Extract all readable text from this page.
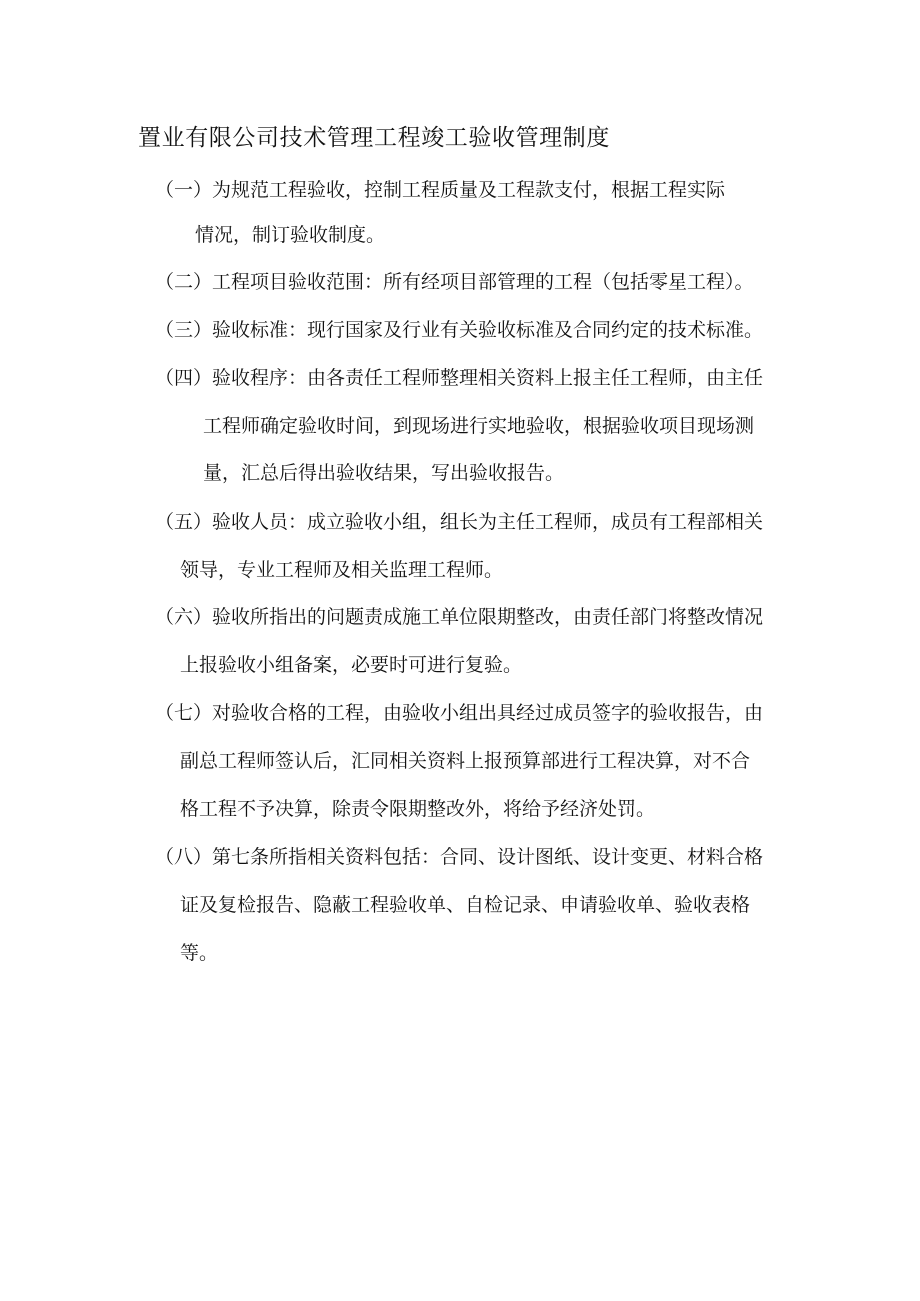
置业有限公司技术管理工程竣工验收管理制度
（一）为规范工程验收，控制工程质量及工程款支付，根据工程实际
情况，制订验收制度。
（二）工程项目验收范围：所有经项目部管理的工程（包括零星工程）。
（三）验收标准：现行国家及行业有关验收标准及合同约定的技术标准。
（四）验收程序：由各责任工程师整理相关资料上报主任工程师，由主任
工程师确定验收时间，到现场进行实地验收，根据验收项目现场测
量，汇总后得出验收结果，写出验收报告。
（五）验收人员：成立验收小组，组长为主任工程师，成员有工程部相关
领导，专业工程师及相关监理工程师。
（六）验收所指出的问题责成施工单位限期整改，由责任部门将整改情况
上报验收小组备案，必要时可进行复验。
（七）对验收合格的工程，由验收小组出具经过成员签字的验收报告，由
副总工程师签认后，汇同相关资料上报预算部进行工程决算，对不合
格工程不予决算，除责令限期整改外，将给予经济处罚。
（八）第七条所指相关资料包括：合同、设计图纸、设计变更、材料合格
证及复检报告、隐蔽工程验收单、自检记录、申请验收单、验收表格
等。
